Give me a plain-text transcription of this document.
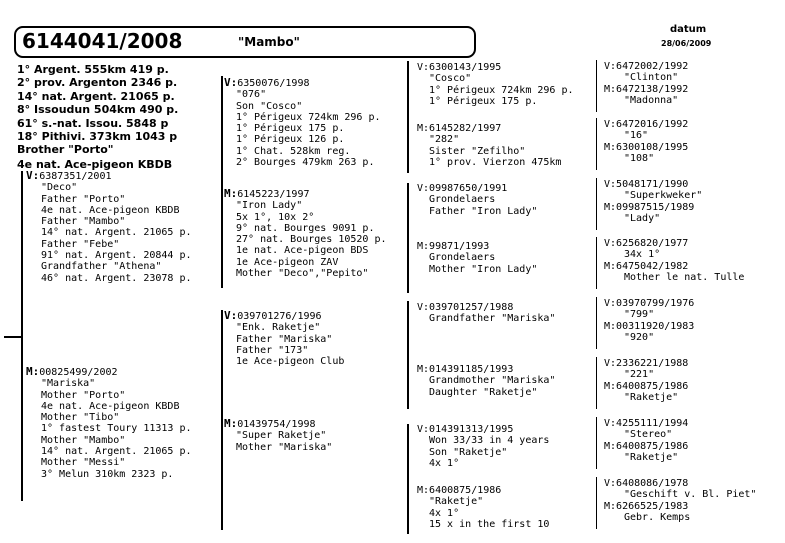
6144041/2008	"Mambo"
datum
28/06/2009
1° Argent. 555km 419 p.
2° prov. Argenton 2346 p.
14° nat. Argent. 21065 p.
8° Issoudun 504km 490 p.
61° s.-nat. Issou. 5848 p
18° Pithivi. 373km 1043 p
Brother "Porto"
4e nat. Ace-pigeon KBDB
V:6387351/2001
"Deco"
Father "Porto"
4e nat. Ace-pigeon KBDB
Father "Mambo"
14° nat. Argent. 21065 p.
Father "Febe"
91° nat. Argent. 20844 p.
Grandfather "Athena"
46° nat. Argent. 23078 p.
M:00825499/2002
"Mariska"
Mother "Porto"
4e nat. Ace-pigeon KBDB
Mother "Tibo"
1° fastest Toury 11313 p.
Mother "Mambo"
14° nat. Argent. 21065 p.
Mother "Messi"
3° Melun 310km 2323 p.
V:6350076/1998
"076"
Son "Cosco"
1° Périgeux 724km 296 p.
1° Périgeux 175 p.
1° Périgeux 126 p.
1° Chat. 528km reg.
2° Bourges 479km 263 p.
M:6145223/1997
"Iron Lady"
5x 1°, 10x 2°
9° nat. Bourges 9091 p.
27° nat. Bourges 10520 p.
1e nat. Ace-pigeon BDS
1e Ace-pigeon ZAV
Mother "Deco","Pepito"
V:039701276/1996
"Enk. Raketje"
Father "Mariska"
Father "173"
1e Ace-pigeon Club
M:01439754/1998
"Super Raketje"
Mother "Mariska"
V:6300143/1995
"Cosco"
1° Périgeux 724km 296 p.
1° Périgeux 175 p.
M:6145282/1997
"282"
Sister "Zefilho"
1° prov. Vierzon 475km
V:09987650/1991
Grondelaers
Father "Iron Lady"
M:99871/1993
Grondelaers
Mother "Iron Lady"
V:039701257/1988
Grandfather "Mariska"
M:014391185/1993
Grandmother "Mariska"
Daughter "Raketje"
V:014391313/1995
Won 33/33 in 4 years
Son "Raketje"
4x 1°
M:6400875/1986
"Raketje"
4x 1°
15 x in the first 10
V:6472002/1992
"Clinton"
M:6472138/1992
"Madonna"
V:6472016/1992
"16"
M:6300108/1995
"108"
V:5048171/1990
"Superkweker"
M:09987515/1989
"Lady"
V:6256820/1977
34x 1°
M:6475042/1982
Mother le nat. Tulle
V:03970799/1976
"799"
M:00311920/1983
"920"
V:2336221/1988
"221"
M:6400875/1986
"Raketje"
V:4255111/1994
"Stereo"
M:6400875/1986
"Raketje"
V:6408086/1978
"Geschift v. Bl. Piet"
M:6266525/1983
Gebr. Kemps
